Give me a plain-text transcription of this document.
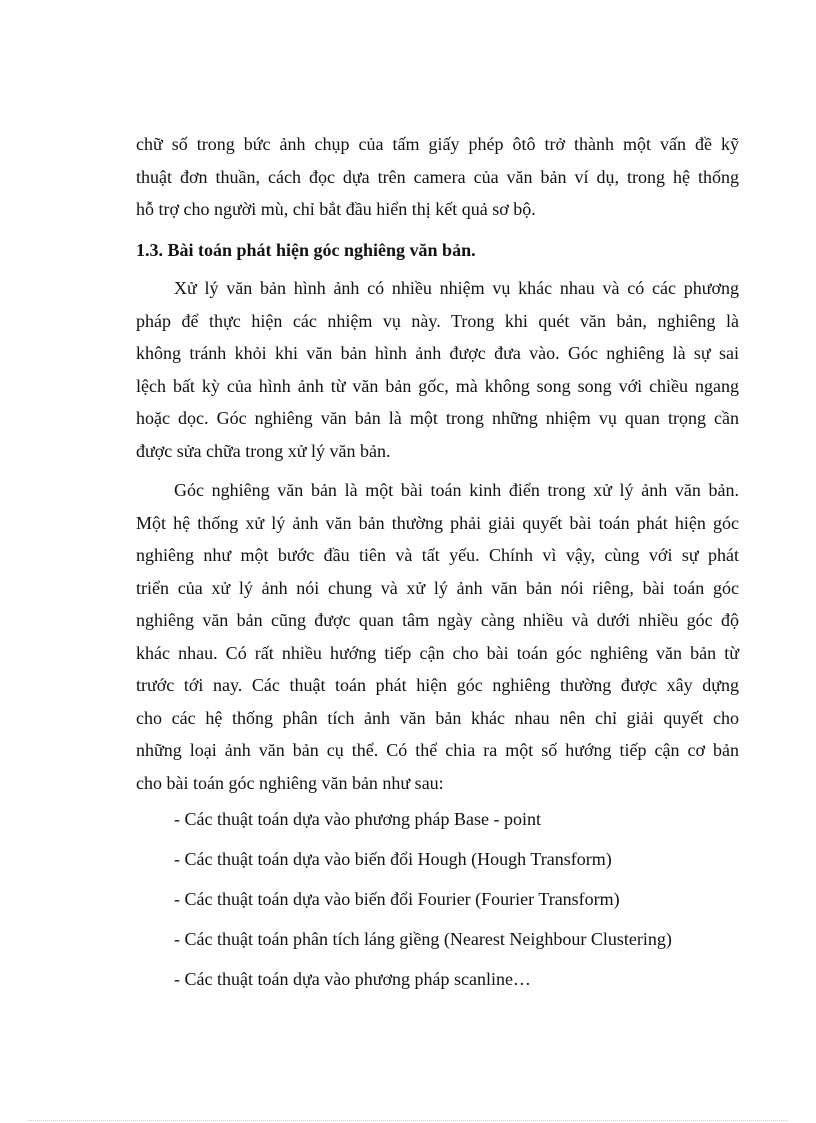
chữ số trong bức ảnh chụp của tấm giấy phép ôtô trở thành một vấn đề kỹ

thuật đơn thuần, cách đọc dựa trên camera của văn bản ví dụ, trong hệ thống

hỗ trợ cho người mù, chỉ bắt đầu hiển thị kết quả sơ bộ.

1.3. Bài toán phát hiện góc nghiêng văn bản.

Xử lý văn bản hình ảnh có nhiều nhiệm vụ khác nhau và có các phương

pháp để thực hiện các nhiệm vụ này. Trong khi quét văn bản, nghiêng là

không tránh khỏi khi văn bản hình ảnh được đưa vào. Góc nghiêng là sự sai

lệch bất kỳ của hình ảnh từ văn bản gốc, mà không song song với chiều ngang

hoặc dọc. Góc nghiêng văn bản là một trong những nhiệm vụ quan trọng cần

được sửa chữa trong xử lý văn bản.

Góc nghiêng văn bản là một bài toán kinh điển trong xử lý ảnh văn bản.

Một hệ thống xử lý ảnh văn bản thường phải giải quyết bài toán phát hiện góc

nghiêng như một bước đầu tiên và tất yếu. Chính vì vậy, cùng với sự phát

triển của xử lý ảnh nói chung và xử lý ảnh văn bản nói riêng, bài toán góc

nghiêng văn bản cũng được quan tâm ngày càng nhiều và dưới nhiều góc độ

khác nhau. Có rất nhiều hướng tiếp cận cho bài toán góc nghiêng văn bản từ

trước tới nay. Các thuật toán phát hiện góc nghiêng thường được xây dựng

cho các hệ thống phân tích ảnh văn bản khác nhau nên chỉ giải quyết cho

những loại ảnh văn bản cụ thể. Có thể chia ra một số hướng tiếp cận cơ bản

cho bài toán góc nghiêng văn bản như sau:

- Các thuật toán dựa vào phương pháp Base - point
- Các thuật toán dựa vào biến đổi Hough (Hough Transform)
- Các thuật toán dựa vào biến đổi Fourier (Fourier Transform)
- Các thuật toán phân tích láng giềng (Nearest Neighbour Clustering)
- Các thuật toán dựa vào phương pháp scanline…
